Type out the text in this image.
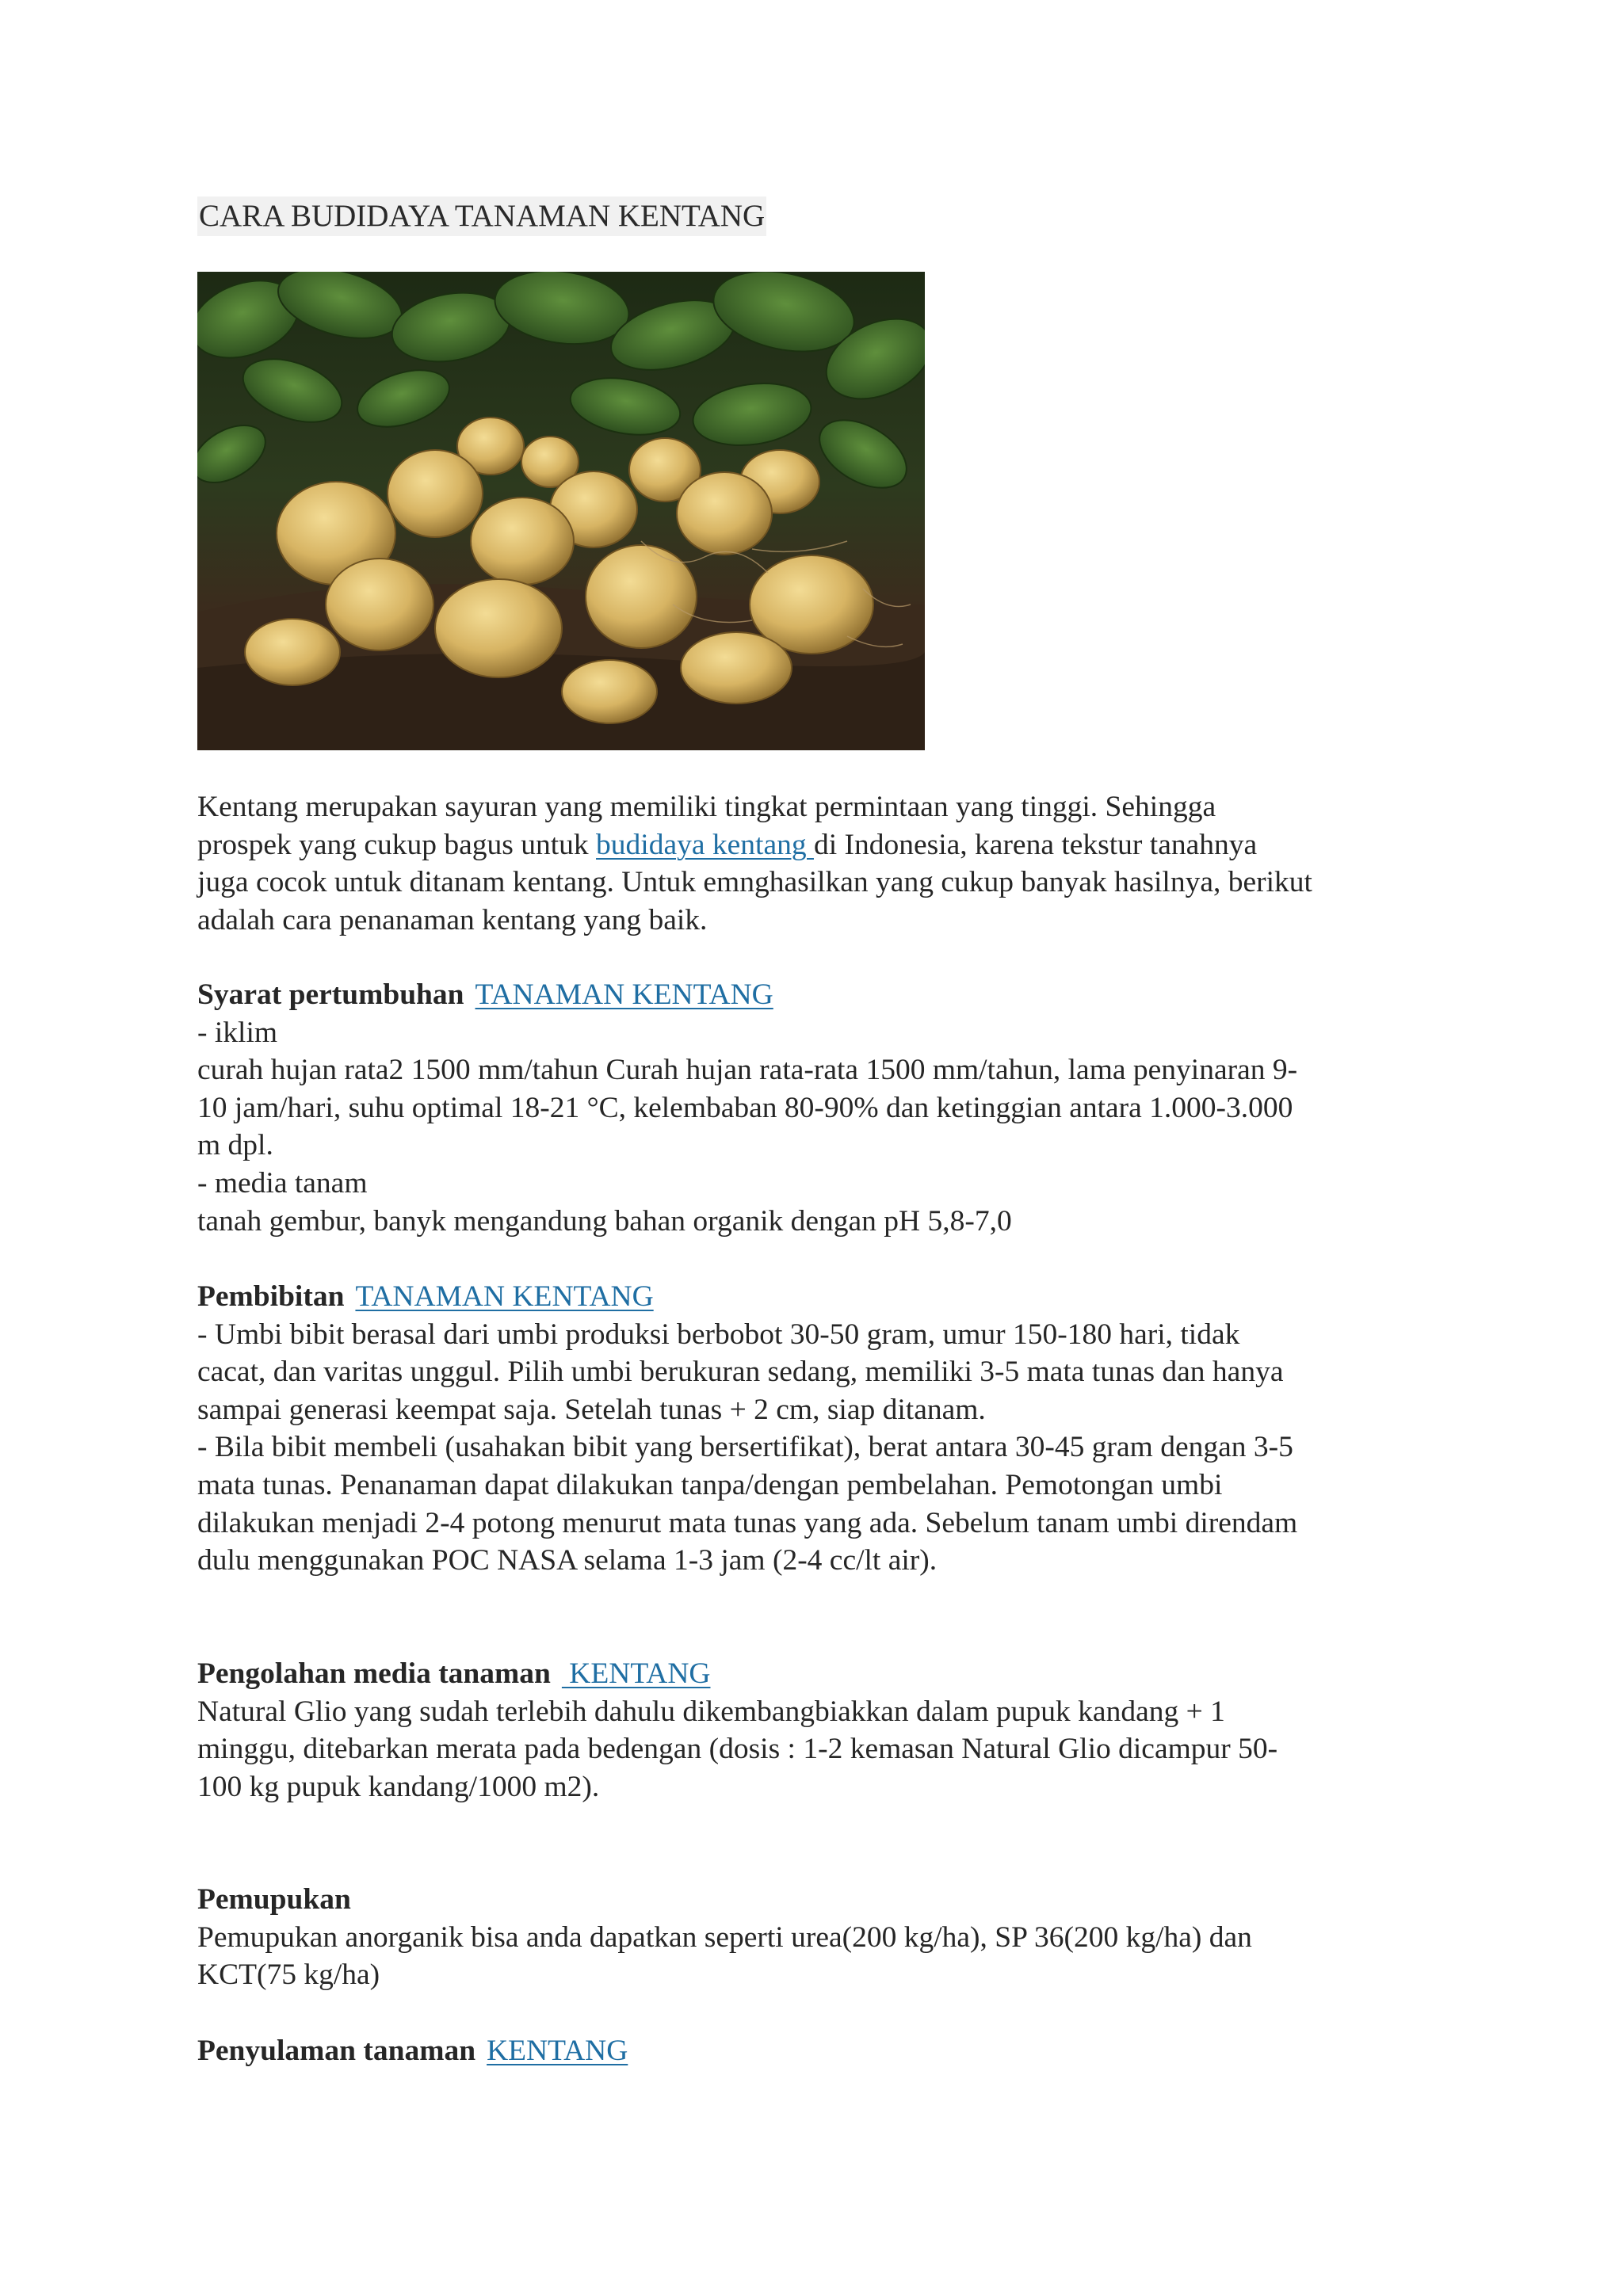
CARA BUDIDAYA TANAMAN KENTANG
Kentang merupakan sayuran yang memiliki tingkat permintaan yang tinggi. Sehingga
prospek yang cukup bagus untuk budidaya kentang di Indonesia, karena tekstur tanahnya
juga cocok untuk ditanam kentang. Untuk emnghasilkan yang cukup banyak hasilnya, berikut
adalah cara penanaman kentang yang baik.
Syarat pertumbuhan TANAMAN KENTANG
- iklim
curah hujan rata2 1500 mm/tahun Curah hujan rata-rata 1500 mm/tahun, lama penyinaran 9-
10 jam/hari, suhu optimal 18-21 °C, kelembaban 80-90% dan ketinggian antara 1.000-3.000
m dpl.
- media tanam
tanah gembur, banyk mengandung bahan organik dengan pH 5,8-7,0
Pembibitan TANAMAN KENTANG
- Umbi bibit berasal dari umbi produksi berbobot 30-50 gram, umur 150-180 hari, tidak
cacat, dan varitas unggul. Pilih umbi berukuran sedang, memiliki 3-5 mata tunas dan hanya
sampai generasi keempat saja. Setelah tunas + 2 cm, siap ditanam.
- Bila bibit membeli (usahakan bibit yang bersertifikat), berat antara 30-45 gram dengan 3-5
mata tunas. Penanaman dapat dilakukan tanpa/dengan pembelahan. Pemotongan umbi
dilakukan menjadi 2-4 potong menurut mata tunas yang ada. Sebelum tanam umbi direndam
dulu menggunakan POC NASA selama 1-3 jam (2-4 cc/lt air).
Pengolahan media tanaman KENTANG
Natural Glio yang sudah terlebih dahulu dikembangbiakkan dalam pupuk kandang + 1
minggu, ditebarkan merata pada bedengan (dosis : 1-2 kemasan Natural Glio dicampur 50-
100 kg pupuk kandang/1000 m2).
Pemupukan
Pemupukan anorganik bisa anda dapatkan seperti urea(200 kg/ha), SP 36(200 kg/ha) dan
KCT(75 kg/ha)
Penyulaman tanaman KENTANG
